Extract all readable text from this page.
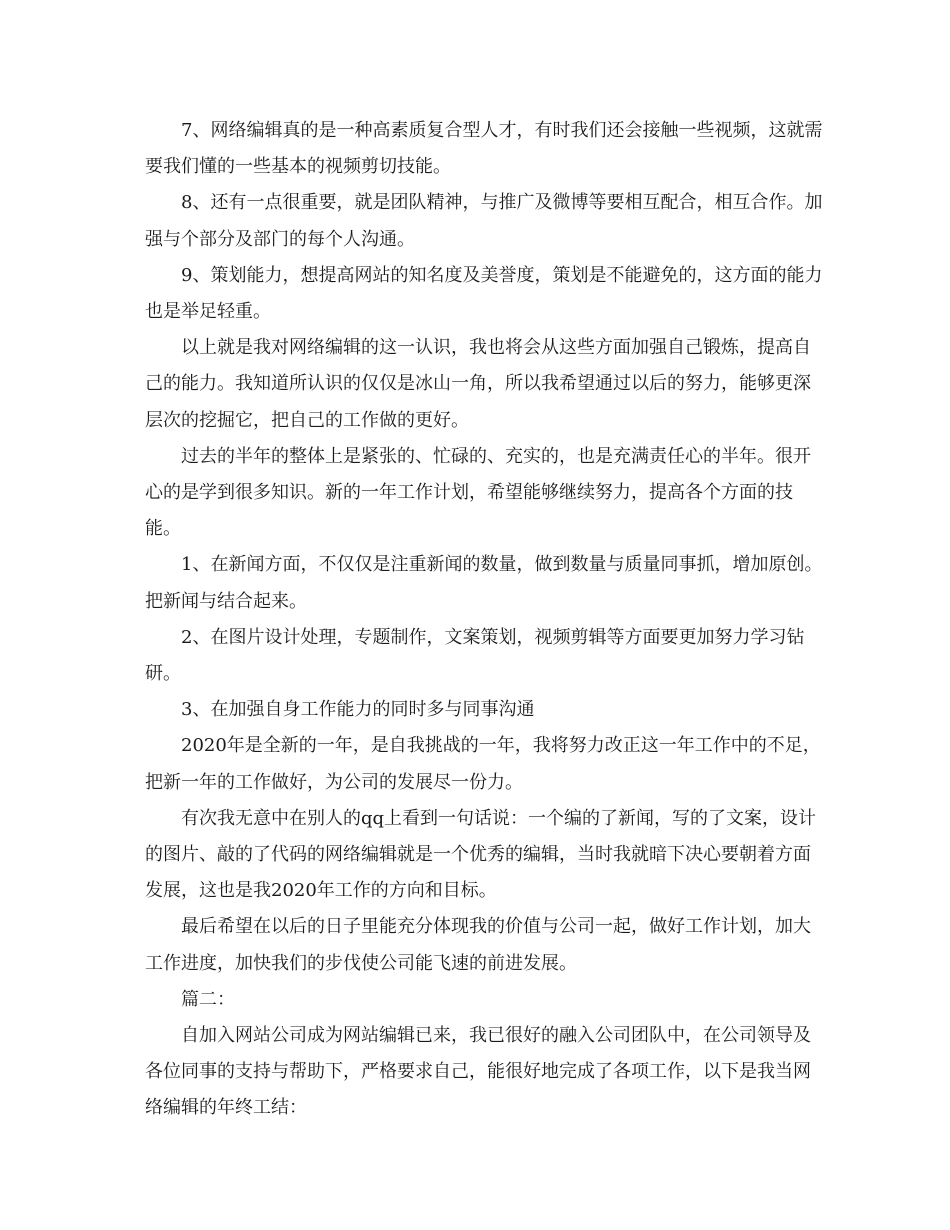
7、网络编辑真的是一种高素质复合型人才，有时我们还会接触一些视频，这就需要我们懂的一些基本的视频剪切技能。

8、还有一点很重要，就是团队精神，与推广及微博等要相互配合，相互合作。加强与个部分及部门的每个人沟通。

9、策划能力，想提高网站的知名度及美誉度，策划是不能避免的，这方面的能力也是举足轻重。

以上就是我对网络编辑的这一认识，我也将会从这些方面加强自己锻炼，提高自己的能力。我知道所认识的仅仅是冰山一角，所以我希望通过以后的努力，能够更深层次的挖掘它，把自己的工作做的更好。

过去的半年的整体上是紧张的、忙碌的、充实的，也是充满责任心的半年。很开心的是学到很多知识。新的一年工作计划，希望能够继续努力，提高各个方面的技能。

1、在新闻方面，不仅仅是注重新闻的数量，做到数量与质量同事抓，增加原创。把新闻与结合起来。

2、在图片设计处理，专题制作，文案策划，视频剪辑等方面要更加努力学习钻研。

3、在加强自身工作能力的同时多与同事沟通

2020年是全新的一年，是自我挑战的一年，我将努力改正这一年工作中的不足，把新一年的工作做好，为公司的发展尽一份力。

有次我无意中在别人的qq上看到一句话说：一个编的了新闻，写的了文案，设计的图片、敲的了代码的网络编辑就是一个优秀的编辑，当时我就暗下决心要朝着方面发展，这也是我2020年工作的方向和目标。

最后希望在以后的日子里能充分体现我的价值与公司一起，做好工作计划，加大工作进度，加快我们的步伐使公司能飞速的前进发展。

篇二：

自加入网站公司成为网站编辑已来，我已很好的融入公司团队中，在公司领导及各位同事的支持与帮助下，严格要求自己，能很好地完成了各项工作，以下是我当网络编辑的年终工结：
